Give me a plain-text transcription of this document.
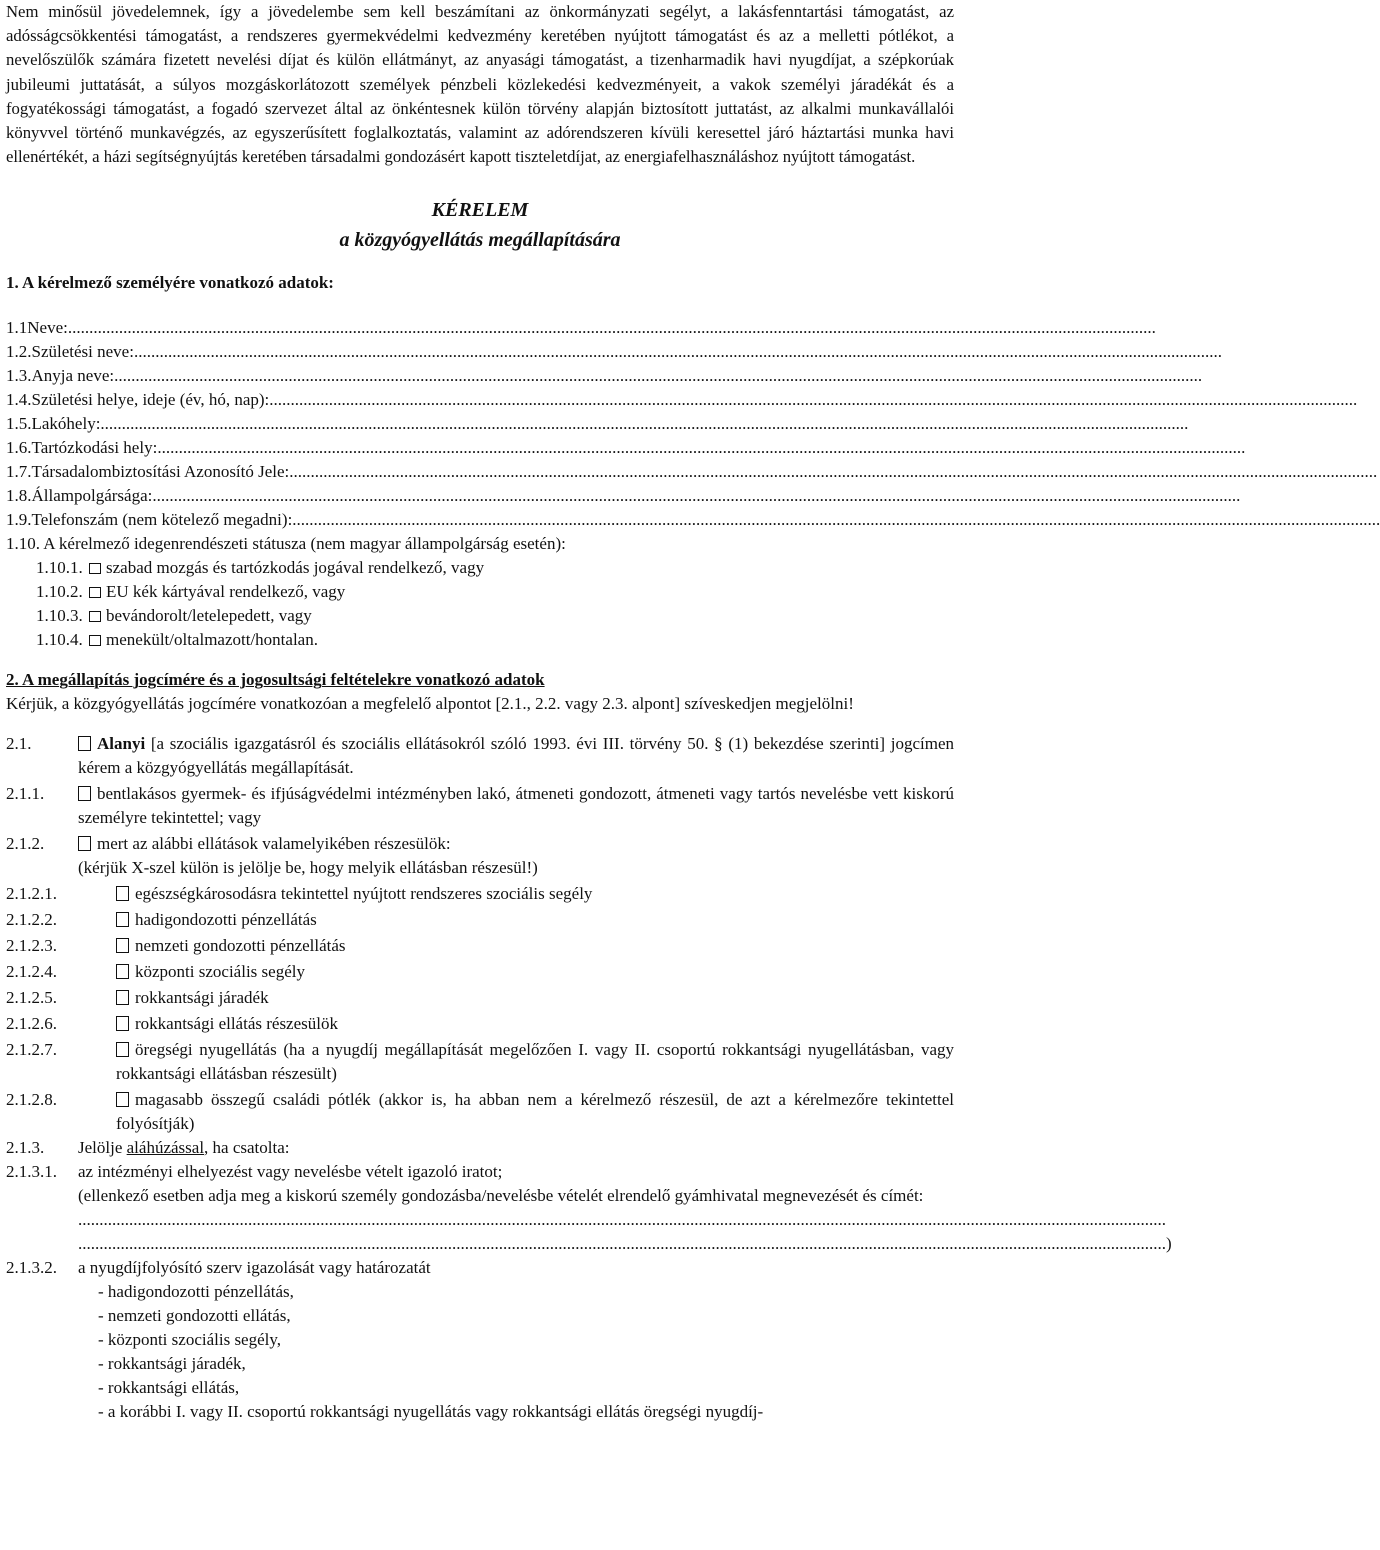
Nem minősül jövedelemnek, így a jövedelembe sem kell beszámítani az önkormányzati segélyt, a lakásfenntartási támogatást, az adósságcsökkentési támogatást, a rendszeres gyermekvédelmi kedvezmény keretében nyújtott támogatást és az a melletti pótlékot, a nevelőszülők számára fizetett nevelési díjat és külön ellátmányt, az anyasági támogatást, a tizenharmadik havi nyugdíjat, a szépkorúak jubileumi juttatását, a súlyos mozgáskorlátozott személyek pénzbeli közlekedési kedvezményeit, a vakok személyi járadékát és a fogyatékossági támogatást, a fogadó szervezet által az önkéntesnek külön törvény alapján biztosított juttatást, az alkalmi munkavállalói könyvvel történő munkavégzés, az egyszerűsített foglalkoztatás, valamint az adórendszeren kívüli keresettel járó háztartási munka havi ellenértékét, a házi segítségnyújtás keretében társadalmi gondozásért kapott tiszteletdíjat, az energiafelhasználáshoz nyújtott támogatást.

KÉRELEM
a közgyógyellátás megállapítására

1. A kérelmező személyére vonatkozó adatok:

1.1 Neve:
.....
1.2. Születési neve:
.....
1.3. Anyja neve:
.....
1.4. Születési helye, ideje (év, hó, nap):
.....
1.5. Lakóhely:
.....
1.6. Tartózkodási hely:
.....
1.7. Társadalombiztosítási Azonosító Jele:
.....
1.8. Állampolgársága:
.....
1.9. Telefonszám (nem kötelező megadni):
.....
1.10. A kérelmező idegenrendészeti státusza (nem magyar állampolgárság esetén):
1.10.1. szabad mozgás és tartózkodás jogával rendelkező, vagy
1.10.2. EU kék kártyával rendelkező, vagy
1.10.3. bevándorolt/letelepedett, vagy
1.10.4. menekült/oltalmazott/hontalan.

2. A megállapítás jogcímére és a jogosultsági feltételekre vonatkozó adatok

Kérjük, a közgyógyellátás jogcímére vonatkozóan a megfelelő alpontot [2.1., 2.2. vagy 2.3. alpont] szíveskedjen megjelölni!

2.1.	Alanyi [a szociális igazgatásról és szociális ellátásokról szóló 1993. évi III. törvény 50. § (1) bekezdése szerinti] jogcímen kérem a közgyógyellátás megállapítását.
2.1.1.	bentlakásos gyermek- és ifjúságvédelmi intézményben lakó, átmeneti gondozott, átmeneti vagy tartós nevelésbe vett kiskorú személyre tekintettel; vagy
2.1.2.	mert az alábbi ellátások valamelyikében részesülök:
(kérjük X-szel külön is jelölje be, hogy melyik ellátásban részesül!)
2.1.2.1.	egészségkárosodásra tekintettel nyújtott rendszeres szociális segély
2.1.2.2.	hadigondozotti pénzellátás
2.1.2.3.	nemzeti gondozotti pénzellátás
2.1.2.4.	központi szociális segély
2.1.2.5.	rokkantsági járadék
2.1.2.6.	rokkantsági ellátás részesülök
2.1.2.7.	öregségi nyugellátás (ha a nyugdíj megállapítását megelőzően I. vagy II. csoportú rokkantsági nyugellátásban, vagy rokkantsági ellátásban részesült)
2.1.2.8.	magasabb összegű családi pótlék (akkor is, ha abban nem a kérelmező részesül, de azt a kérelmezőre tekintettel folyósítják)
2.1.3.	Jelölje aláhúzással, ha csatolta:
2.1.3.1.	az intézményi elhelyezést vagy nevelésbe vételt igazoló iratot;
(ellenkező esetben adja meg a kiskorú személy gondozásba/nevelésbe vételét elrendelő gyámhivatal megnevezését és címét:
.....
.....
)
2.1.3.2.	a nyugdíjfolyósító szerv igazolását vagy határozatát
- hadigondozotti pénzellátás,
- nemzeti gondozotti ellátás,
- központi szociális segély,
- rokkantsági járadék,
- rokkantsági ellátás,
- a korábbi I. vagy II. csoportú rokkantsági nyugellátás vagy rokkantsági ellátás öregségi nyugdíj-
